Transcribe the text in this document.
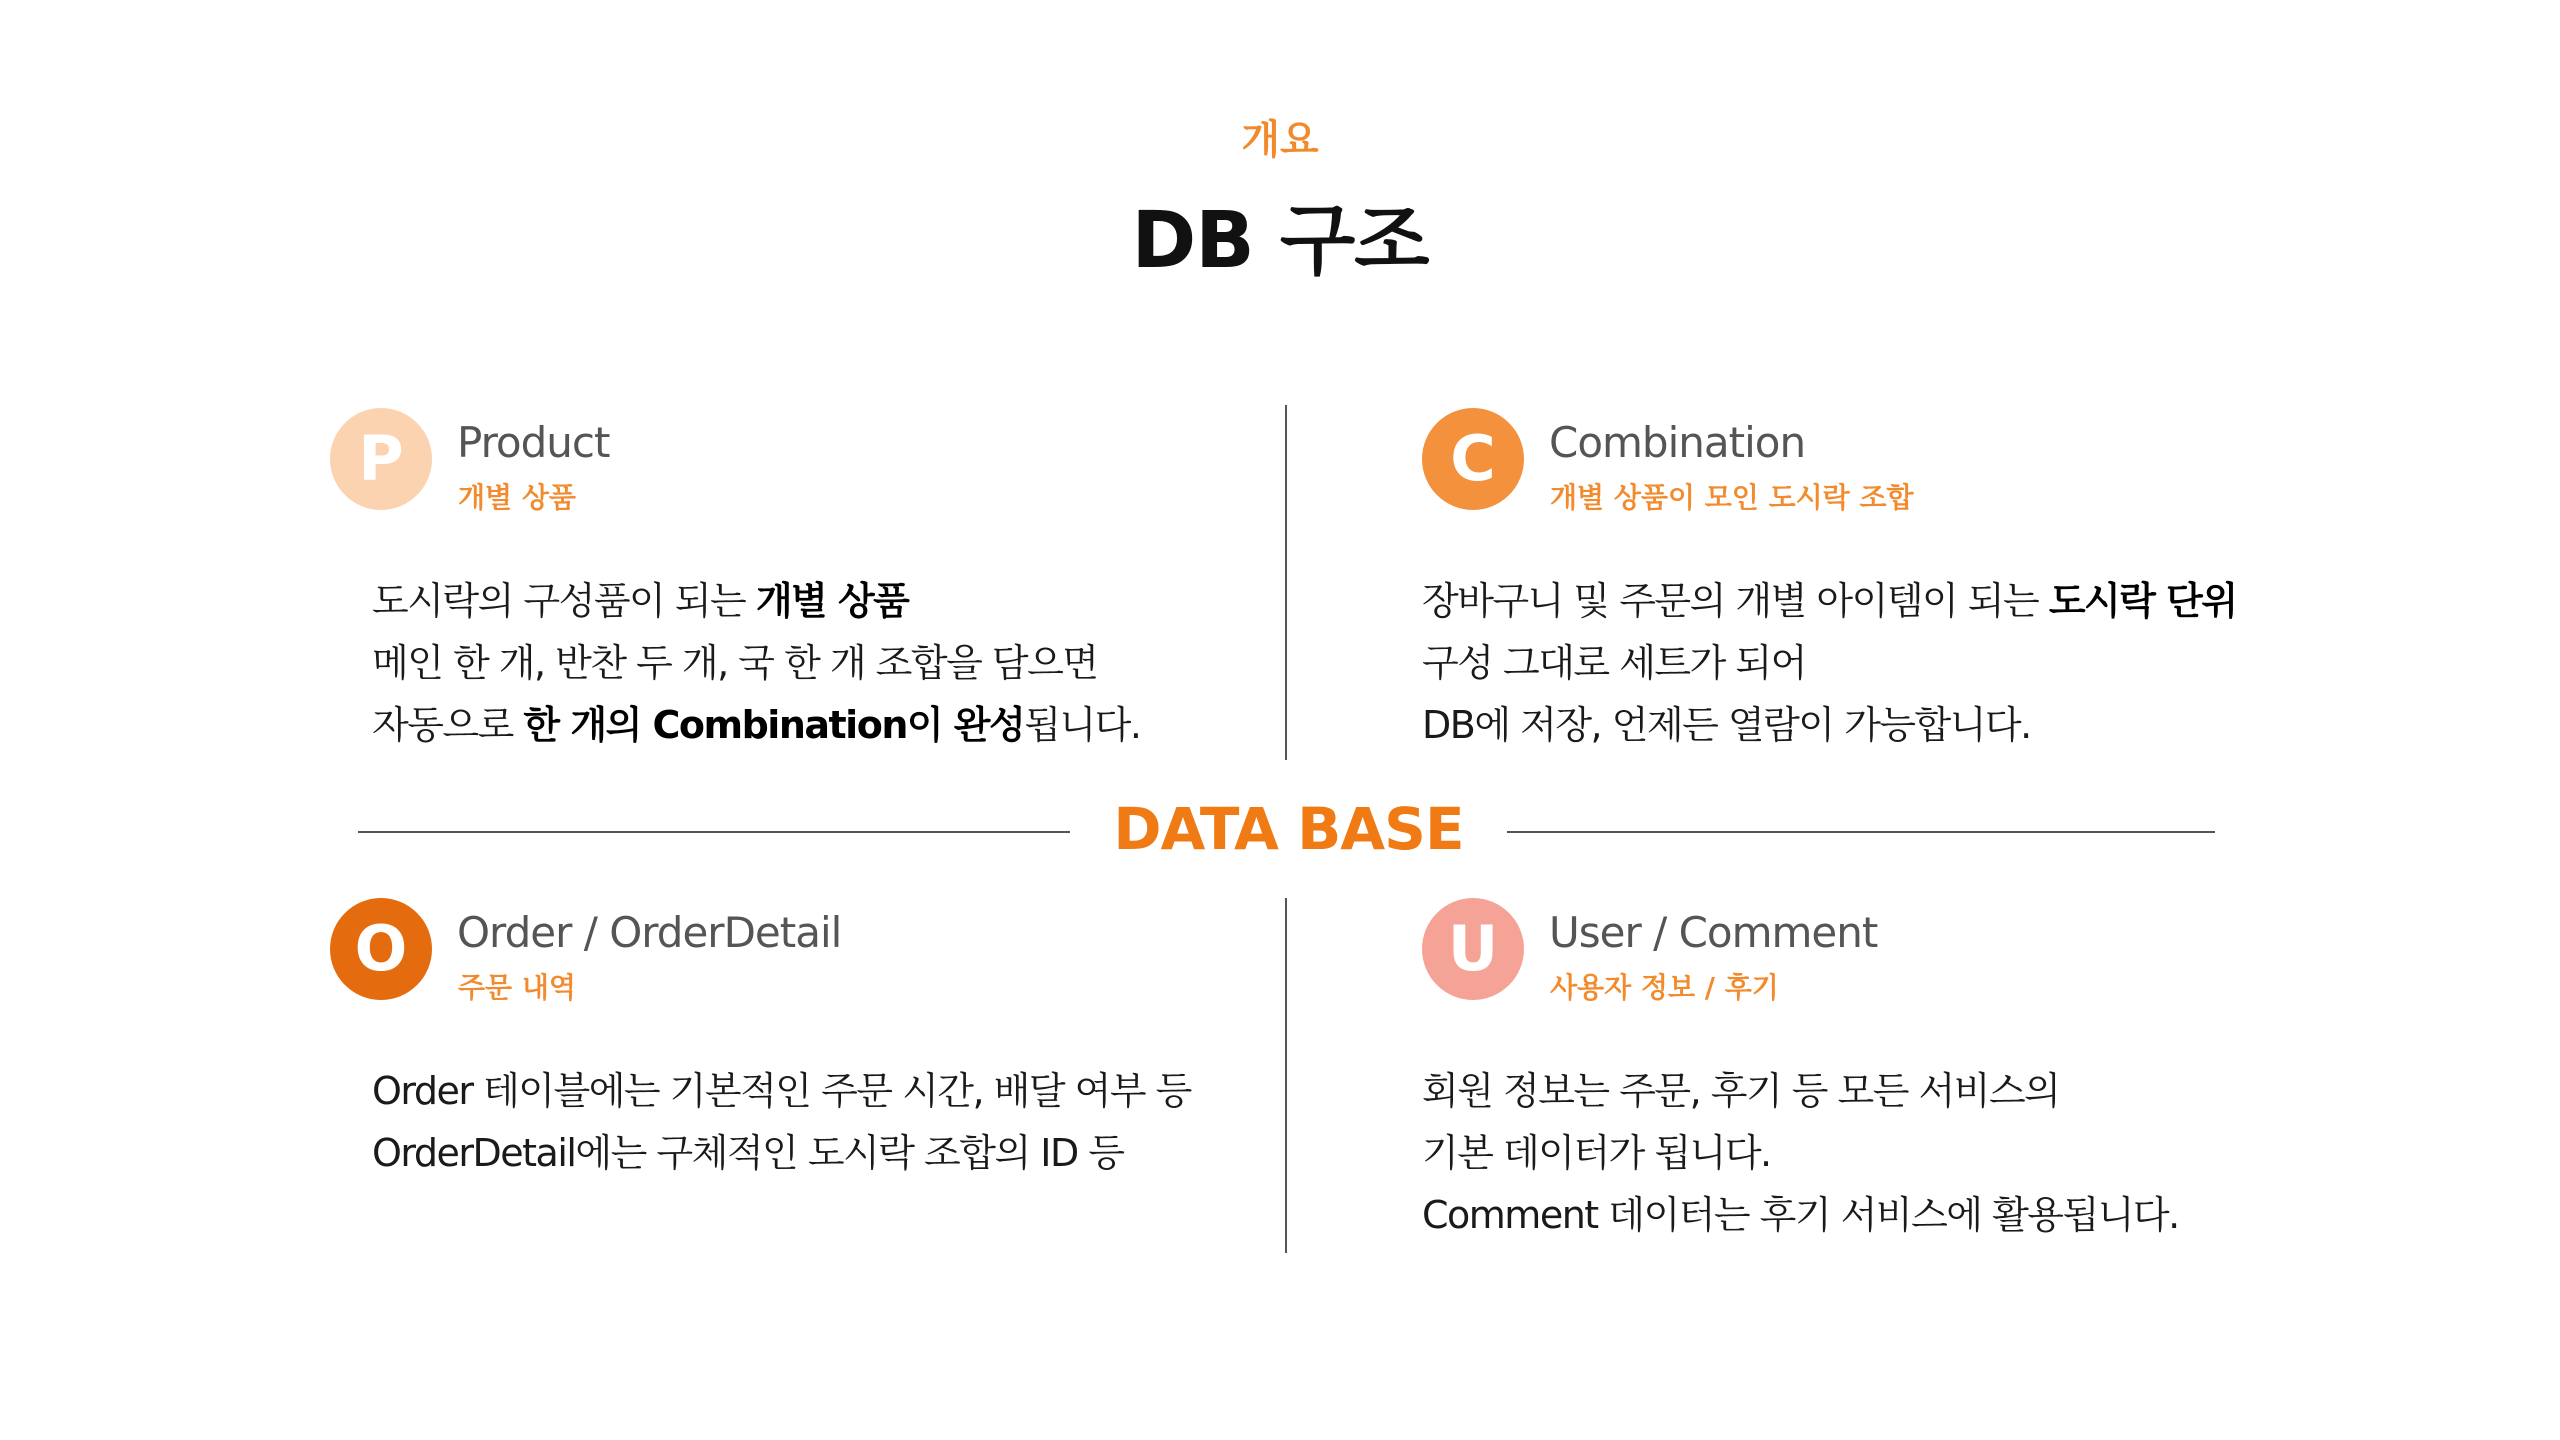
개요
DB 구조
DATA BASE
P	Product
개별 상품
도시락의 구성품이 되는 개별 상품
메인 한 개, 반찬 두 개, 국 한 개 조합을 담으면
자동으로 한 개의 Combination이 완성됩니다.
C	Combination
개별 상품이 모인 도시락 조합
장바구니 및 주문의 개별 아이템이 되는 도시락 단위
구성 그대로 세트가 되어
DB에 저장, 언제든 열람이 가능합니다.
O	Order / OrderDetail
주문 내역
Order 테이블에는 기본적인 주문 시간, 배달 여부 등
OrderDetail에는 구체적인 도시락 조합의 ID 등
U	User / Comment
사용자 정보 / 후기
회원 정보는 주문, 후기 등 모든 서비스의
기본 데이터가 됩니다.
Comment 데이터는 후기 서비스에 활용됩니다.
